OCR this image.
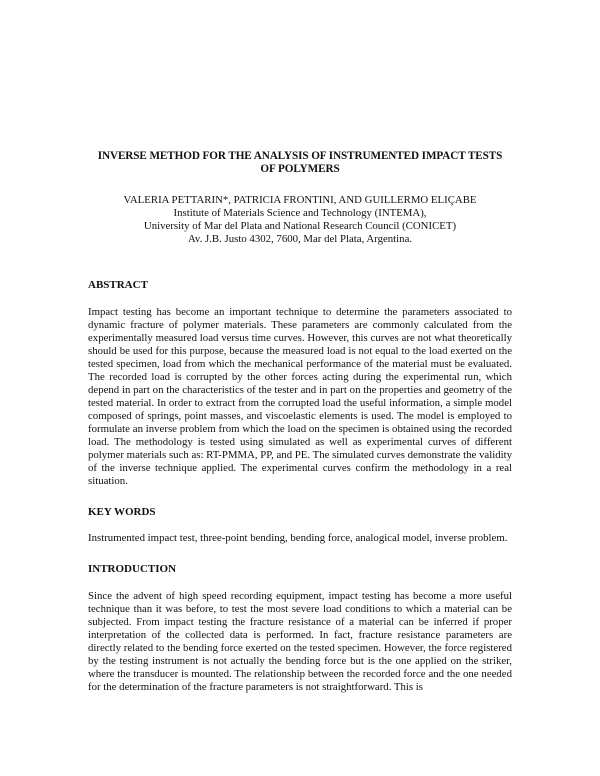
INVERSE METHOD FOR THE ANALYSIS OF INSTRUMENTED IMPACT TESTS
OF POLYMERS

VALERIA PETTARIN*, PATRICIA FRONTINI, AND GUILLERMO ELIÇABE
Institute of Materials Science and Technology (INTEMA),
University of Mar del Plata and National Research Council (CONICET)
Av. J.B. Justo 4302, 7600, Mar del Plata, Argentina.
ABSTRACT

Impact testing has become an important technique to determine the parameters associated to dynamic fracture of polymer materials. These parameters are commonly calculated from the experimentally measured load versus time curves. However, this curves are not what theoretically should be used for this purpose, because the measured load is not equal to the load exerted on the tested specimen, load from which the mechanical performance of the material must be evaluated. The recorded load is corrupted by the other forces acting during the experimental run, which depend in part on the characteristics of the tester and in part on the properties and geometry of the tested material. In order to extract from the corrupted load the useful information, a simple model composed of springs, point masses, and viscoelastic elements is used. The model is employed to formulate an inverse problem from which the load on the specimen is obtained using the recorded load. The methodology is tested using simulated as well as experimental curves of different polymer materials such as: RT-PMMA, PP, and PE. The simulated curves demonstrate the validity of the inverse technique applied. The experimental curves confirm the methodology in a real situation.

KEY WORDS

Instrumented impact test, three-point bending, bending force, analogical model, inverse problem.

INTRODUCTION

Since the advent of high speed recording equipment, impact testing has become a more useful technique than it was before, to test the most severe load conditions to which a material can be subjected. From impact testing the fracture resistance of a material can be inferred if proper interpretation of the collected data is performed. In fact, fracture resistance parameters are directly related to the bending force exerted on the tested specimen. However, the force registered by the testing instrument is not actually the bending force but is the one applied on the striker, where the transducer is mounted. The relationship between the recorded force and the one needed for the determination of the fracture parameters is not straightforward. This is
